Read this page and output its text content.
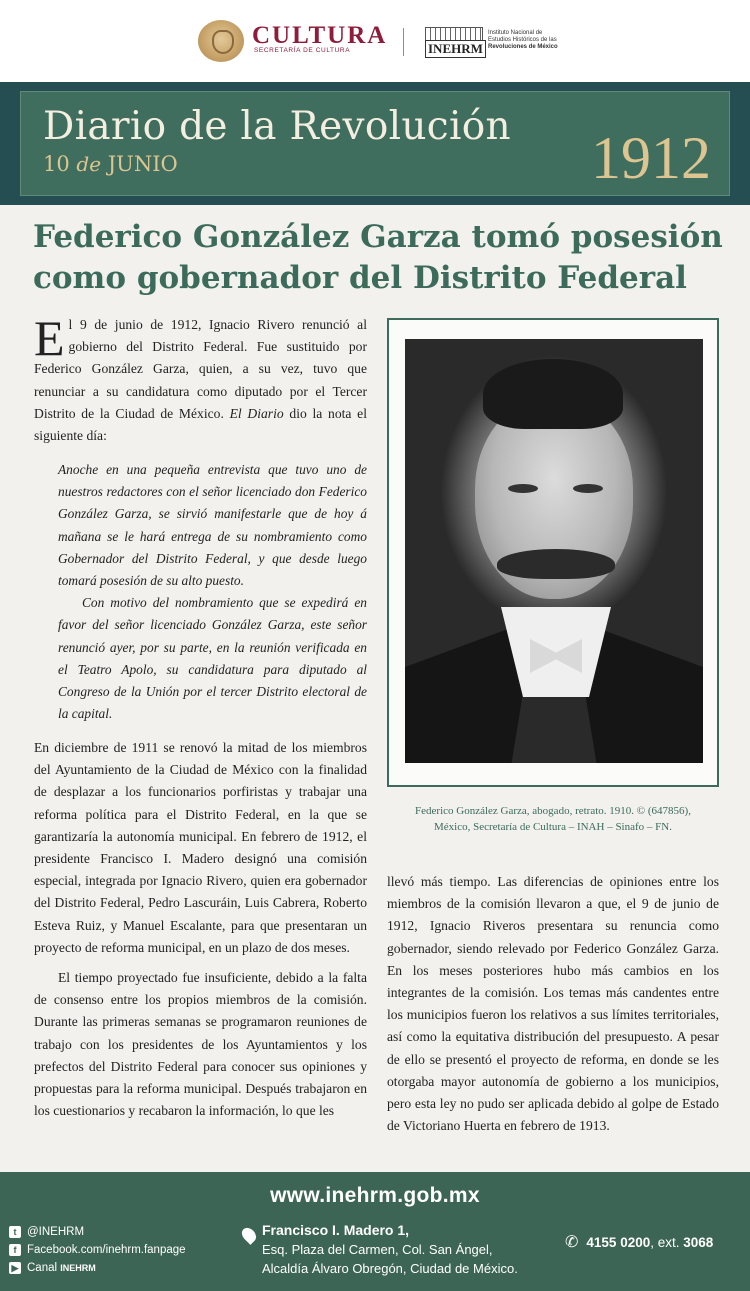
CULTURA
SECRETARÍA DE CULTURA	INEHRM
Instituto Nacional de
Estudios Históricos de las
Revoluciones de México
Diario de la Revolución
10 de JUNIO	1912
Federico González Garza tomó posesión
como gobernador del Distrito Federal

El 9 de junio de 1912, Ignacio Rivero renunció al gobierno del Distrito Federal. Fue sustituido por Federico González Garza, quien, a su vez, tuvo que renunciar a su candidatura como diputado por el Tercer Distrito de la Ciudad de México. El Diario dio la nota el siguiente día:

Anoche en una pequeña entrevista que tuvo uno de nuestros redactores con el señor licenciado don Federico González Garza, se sirvió manifestarle que de hoy á mañana se le hará entrega de su nombramiento como Gobernador del Distrito Federal, y que desde luego tomará posesión de su alto puesto.

Con motivo del nombramiento que se expedirá en favor del señor licenciado González Garza, este señor renunció ayer, por su parte, en la reunión verificada en el Teatro Apolo, su candidatura para diputado al Congreso de la Unión por el tercer Distrito electoral de la capital.

En diciembre de 1911 se renovó la mitad de los miembros del Ayuntamiento de la Ciudad de México con la finalidad de desplazar a los funcionarios porfiristas y trabajar una reforma política para el Distrito Federal, en la que se garantizaría la autonomía municipal. En febrero de 1912, el presidente Francisco I. Madero designó una comisión especial, integrada por Ignacio Rivero, quien era gobernador del Distrito Federal, Pedro Lascuráin, Luis Cabrera, Roberto Esteva Ruiz, y Manuel Escalante, para que presentaran un proyecto de reforma municipal, en un plazo de dos meses.

El tiempo proyectado fue insuficiente, debido a la falta de consenso entre los propios miembros de la comisión. Durante las primeras semanas se programaron reuniones de trabajo con los presidentes de los Ayuntamientos y los prefectos del Distrito Federal para conocer sus opiniones y propuestas para la reforma municipal. Después trabajaron en los cuestionarios y recabaron la información, lo que les

Federico González Garza, abogado, retrato. 1910. © (647856),
México, Secretaría de Cultura – INAH – Sinafo – FN.

llevó más tiempo. Las diferencias de opiniones entre los miembros de la comisión llevaron a que, el 9 de junio de 1912, Ignacio Riveros presentara su renuncia como gobernador, siendo relevado por Federico González Garza. En los meses posteriores hubo más cambios en los integrantes de la comisión. Los temas más candentes entre los municipios fueron los relativos a sus límites territoriales, así como la equitativa distribución del presupuesto. A pesar de ello se presentó el proyecto de reforma, en donde se les otorgaba mayor autonomía de gobierno a los municipios, pero esta ley no pudo ser aplicada debido al golpe de Estado de Victoriano Huerta en febrero de 1913.

www.inehrm.gob.mx
t @INEHRM
f Facebook.com/inehrm.fanpage
▶ Canal
INEHRM
Francisco I. Madero 1,
Esq. Plaza del Carmen, Col. San Ángel,
Alcaldía Álvaro Obregón, Ciudad de México.
✆ 4155 0200 , ext.
3068
